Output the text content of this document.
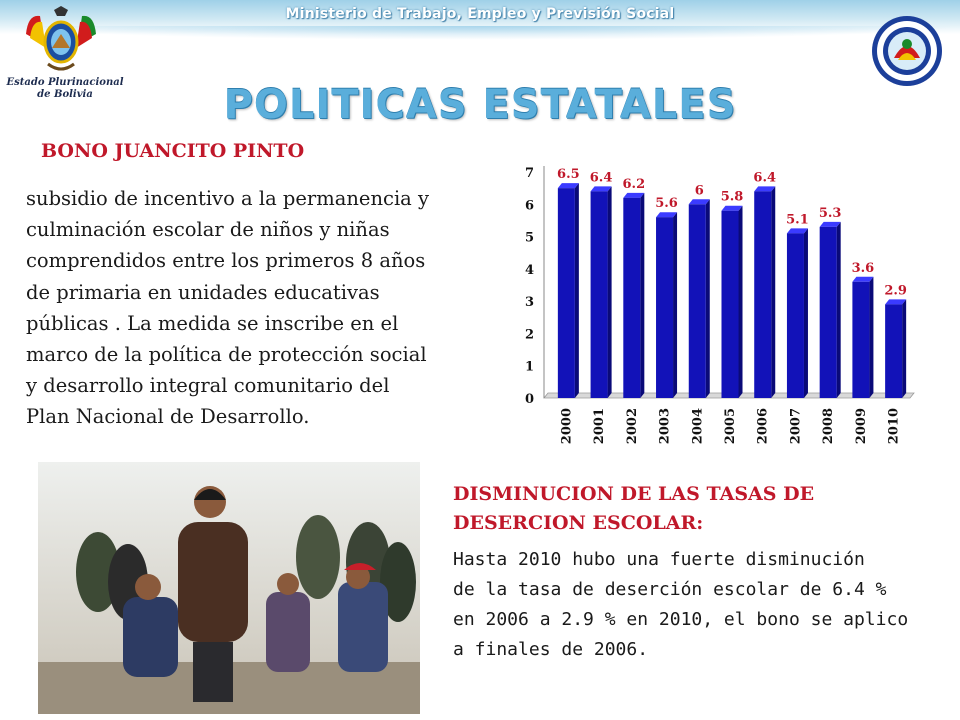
Ministerio de Trabajo, Empleo y Previsión Social
Estado Plurinacional
de Bolivia	POLITICAS ESTATALES
BONO JUANCITO PINTO
subsidio de incentivo a la permanencia y
culminación escolar de niños y niñas
comprendidos entre los primeros 8 años
de primaria en unidades educativas
públicas . La medida se inscribe en el
marco de la política de protección social
y desarrollo integral comunitario del
Plan Nacional de Desarrollo.
0
1
2
3
4
5
6
7 6.5
2000
6.4
2001
6.2
2002
5.6
2003
6
2004
5.8
2005
6.4
2006
5.1
2007
5.3
2008
3.6
2009
2.9
2010
DISMINUCION DE LAS TASAS DE
DESERCION ESCOLAR:
Hasta 2010 hubo una fuerte disminución
de la tasa de deserción escolar de 6.4 %
en 2006 a 2.9 % en 2010, el bono se aplico
a finales de 2006.
